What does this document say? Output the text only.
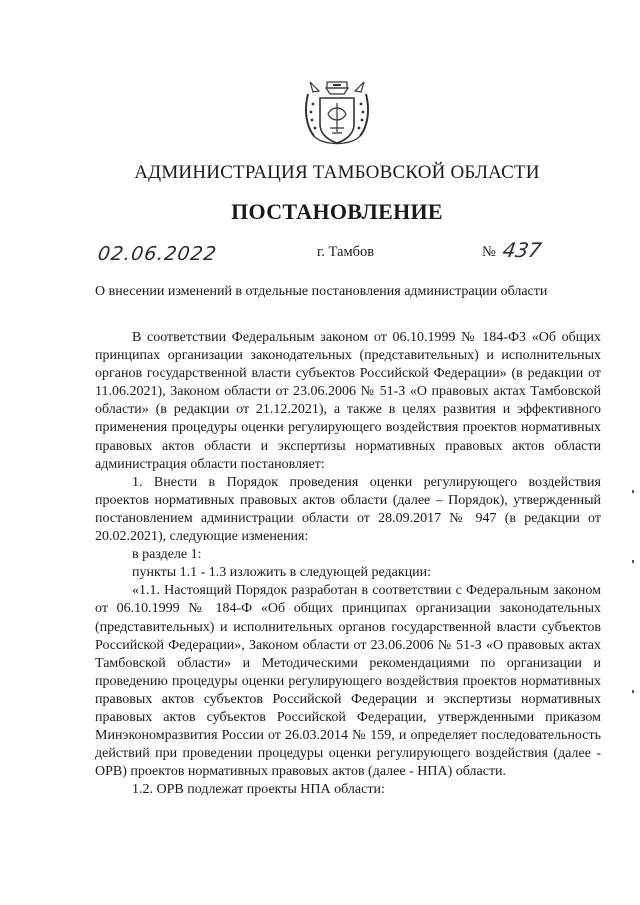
АДМИНИСТРАЦИЯ ТАМБОВСКОЙ ОБЛАСТИ
ПОСТАНОВЛЕНИЕ
02.06.2022	г. Тамбов	№ 437
О внесении изменений в отдельные постановления администрации области

В соответствии Федеральным законом от 06.10.1999 № 184-ФЗ «Об общих принципах организации законодательных (представительных) и исполнительных органов государственной власти субъектов Российской Федерации» (в редакции от 11.06.2021), Законом области от 23.06.2006 № 51-З «О правовых актах Тамбовской области» (в редакции от 21.12.2021), а также в целях развития и эффективного применения процедуры оценки регулирующего воздействия проектов нормативных правовых актов области и экспертизы нормативных правовых актов области администрация области постановляет:

1. Внести в Порядок проведения оценки регулирующего воздействия проектов нормативных правовых актов области (далее – Порядок), утвержденный постановлением администрации области от 28.09.2017 № 947 (в редакции от 20.02.2021), следующие изменения:

в разделе 1:

пункты 1.1 - 1.3 изложить в следующей редакции:

«1.1. Настоящий Порядок разработан в соответствии с Федеральным законом от 06.10.1999 № 184-Ф «Об общих принципах организации законодательных (представительных) и исполнительных органов государственной власти субъектов Российской Федерации», Законом области от 23.06.2006 № 51-З «О правовых актах Тамбовской области» и Методическими рекомендациями по организации и проведению процедуры оценки регулирующего воздействия проектов нормативных правовых актов субъектов Российской Федерации и экспертизы нормативных правовых актов субъектов Российской Федерации, утвержденными приказом Минэкономразвития России от 26.03.2014 № 159, и определяет последовательность действий при проведении процедуры оценки регулирующего воздействия (далее - ОРВ) проектов нормативных правовых актов (далее - НПА) области.

1.2. ОРВ подлежат проекты НПА области:
